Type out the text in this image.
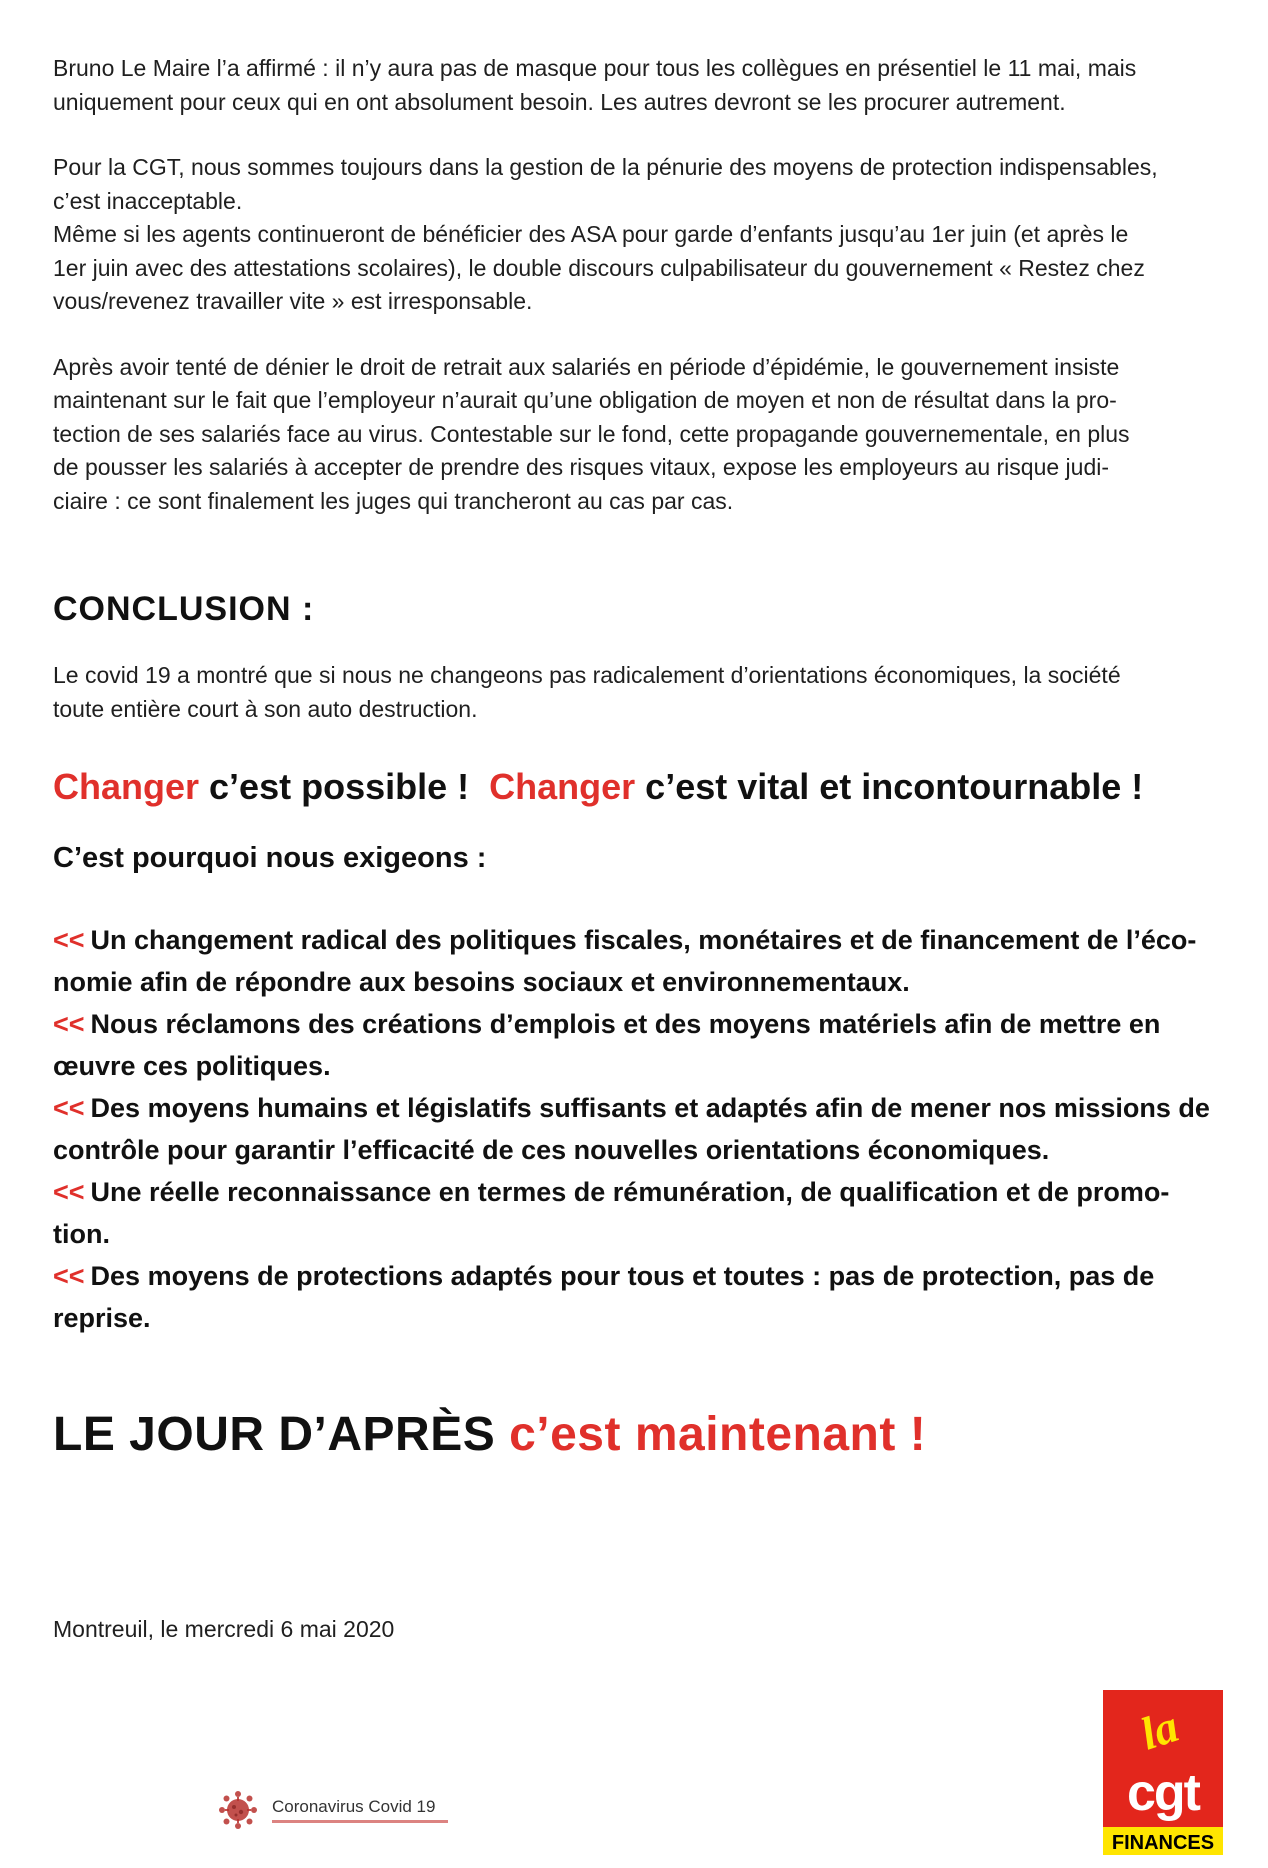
Bruno Le Maire l’a affirmé : il n’y aura pas de masque pour tous les collègues en présentiel le 11 mai, mais
uniquement pour ceux qui en ont absolument besoin. Les autres devront se les procurer autrement.

Pour la CGT, nous sommes toujours dans la gestion de la pénurie des moyens de protection indispensables,
c’est inacceptable.
Même si les agents continueront de bénéficier des ASA pour garde d’enfants jusqu’au 1er juin (et après le
1er juin avec des attestations scolaires), le double discours culpabilisateur du gouvernement « Restez chez
vous/revenez travailler vite » est irresponsable.

Après avoir tenté de dénier le droit de retrait aux salariés en période d’épidémie, le gouvernement insiste
maintenant sur le fait que l’employeur n’aurait qu’une obligation de moyen et non de résultat dans la pro-
tection de ses salariés face au virus. Contestable sur le fond, cette propagande gouvernementale, en plus
de pousser les salariés à accepter de prendre des risques vitaux, expose les employeurs au risque judi-
ciaire : ce sont finalement les juges qui trancheront au cas par cas.

CONCLUSION :

Le covid 19 a montré que si nous ne changeons pas radicalement d’orientations économiques, la société
toute entière court à son auto destruction.

Changer c’est possible !  Changer c’est vital et incontournable !
C’est pourquoi nous exigeons :
<< Un changement radical des politiques fiscales, monétaires et de financement de l’éco-
nomie afin de répondre aux besoins sociaux et environnementaux.
<< Nous réclamons des créations d’emplois et des moyens matériels afin de mettre en
œuvre ces politiques.
<< Des moyens humains et législatifs suffisants et adaptés afin de mener nos missions de
contrôle pour garantir l’efficacité de ces nouvelles orientations économiques.
<< Une réelle reconnaissance en termes de rémunération, de qualification et de promo-
tion.
<< Des moyens de protections adaptés pour tous et toutes : pas de protection, pas de
reprise.
LE JOUR D’APRÈS c’est maintenant !
Montreuil, le mercredi 6 mai 2020
Coronavirus Covid 19
la
cgt
FINANCES
